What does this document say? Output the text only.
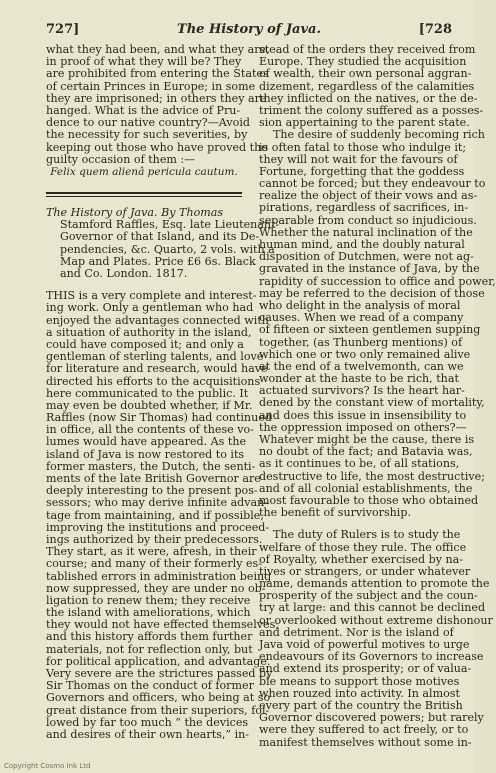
The History of Java.
727]	[728

what they had been, and what they are,
in proof of what they will be? They
are prohibited from entering the States
of certain Princes in Europe; in some
they are imprisoned; in others they are
hanged. What is the advice of Pru-
dence to our native country?—Avoid
the necessity for such severities, by
keeping out those who have proved the
guilty occasion of them :—

Felix quem alienâ pericula cautum.

The History of Java. By Thomas
Stamford Raffles, Esq. late Lieutenant-
Governor of that Island, and its De-
pendencies, &c. Quarto, 2 vols. with a
Map and Plates. Price £6 6s. Black
and Co. London. 1817.

THIS is a very complete and interest-
ing work. Only a gentleman who had
enjoyed the advantages connected with
a situation of authority in the island,
could have composed it; and only a
gentleman of sterling talents, and love
for literature and research, would have
directed his efforts to the acquisitions
here communicated to the public. It
may even be doubted whether, if Mr.
Raffles (now Sir Thomas) had continued
in office, all the contents of these vo-
lumes would have appeared. As the
island of Java is now restored to its
former masters, the Dutch, the senti-
ments of the late British Governor are
deeply interesting to the present pos-
sessors; who may derive infinite advan-
tage from maintaining, and if possible,
improving the institutions and proceed-
ings authorized by their predecessors.
They start, as it were, afresh, in their
course; and many of their formerly es-
tablished errors in administration being
now suppressed, they are under no ob-
ligation to renew them; they receive
the island with ameliorations, which
they would not have effected themselves;
and this history affords them further
materials, not for reflection only, but
for political application, and advantage.
Very severe are the strictures passed by
Sir Thomas on the conduct of former
Governors and officers, who being at so
great distance from their superiors, fol-
lowed by far too much “ the devices
and desires of their own hearts,” in-

stead of the orders they received from
Europe. They studied the acquisition
of wealth, their own personal aggran-
dizement, regardless of the calamities
they inflicted on the natives, or the de-
triment the colony suffered as a posses-
sion appertaining to the parent state.

The desire of suddenly becoming rich
is often fatal to those who indulge it;
they will not wait for the favours of
Fortune, forgetting that the goddess
cannot be forced; but they endeavour to
realize the object of their vows and as-
pirations, regardless of sacrifices, in-
separable from conduct so injudicious.
Whether the natural inclination of the
human mind, and the doubly natural
disposition of Dutchmen, were not ag-
gravated in the instance of Java, by the
rapidity of succession to office and power,
may be referred to the decision of those
who delight in the analysis of moral
causes. When we read of a company
of fifteen or sixteen gentlemen supping
together, (as Thunberg mentions) of
which one or two only remained alive
at the end of a twelvemonth, can we
wonder at the haste to be rich, that
actuated survivors? Is the heart har-
dened by the constant view of mortality,
and does this issue in insensibility to
the oppression imposed on others?—
Whatever might be the cause, there is
no doubt of the fact; and Batavia was,
as it continues to be, of all stations,
destructive to life, the most destructive;
and of all colonial establishments, the
most favourable to those who obtained
the benefit of survivorship.

The duty of Rulers is to study the
welfare of those they rule. The office
of Royalty, whether exercised by na-
tives or strangers, or under whatever
name, demands attention to promote the
prosperity of the subject and the coun-
try at large: and this cannot be declined
or overlooked without extreme dishonour
and detriment. Nor is the island of
Java void of powerful motives to urge
endeavours of its Governors to increase
and extend its prosperity; or of valua-
ble means to support those motives
when rouzed into activity. In almost
every part of the country the British
Governor discovered powers; but rarely
were they suffered to act freely, or to
manifest themselves without some in-

Copyright Cosmo Ink Ltd
